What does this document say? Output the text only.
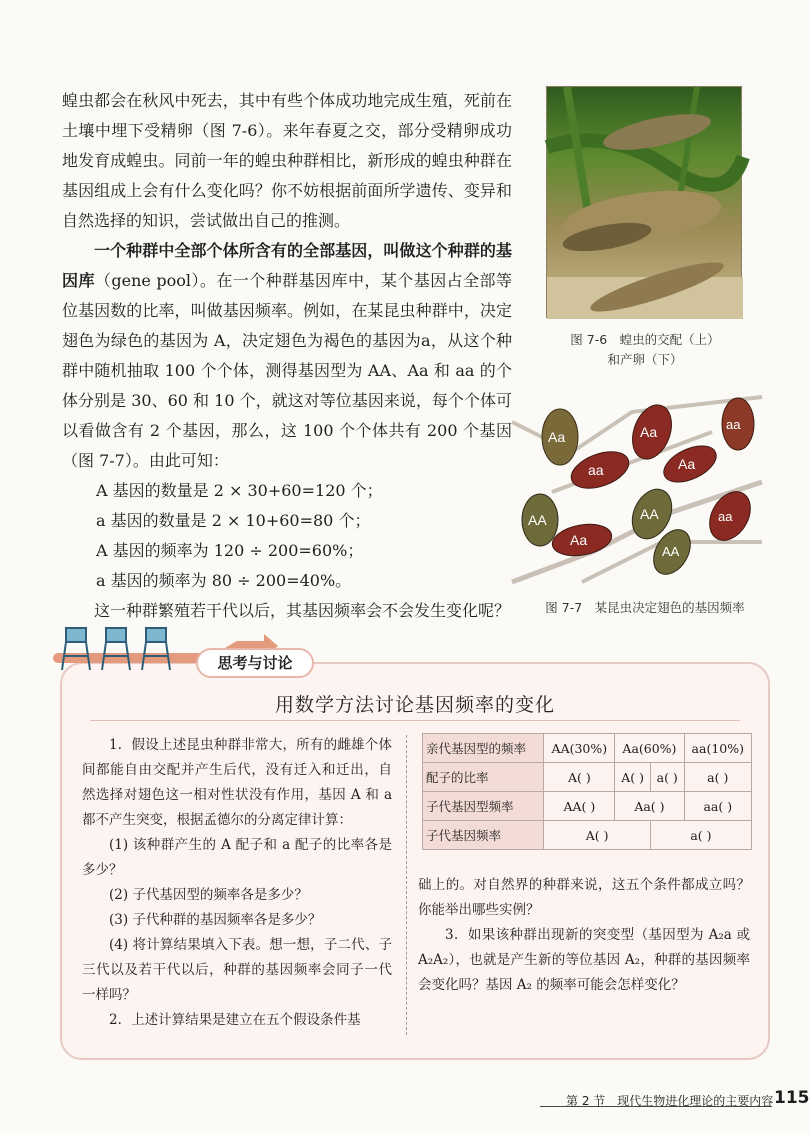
蝗虫都会在秋风中死去，其中有些个体成功地完成生殖，死前在土壤中埋下受精卵（图 7-6）。来年春夏之交，部分受精卵成功地发育成蝗虫。同前一年的蝗虫种群相比，新形成的蝗虫种群在基因组成上会有什么变化吗？你不妨根据前面所学遗传、变异和自然选择的知识，尝试做出自己的推测。

一个种群中全部个体所含有的全部基因，叫做这个种群的基因库（gene pool）。在一个种群基因库中，某个基因占全部等位基因数的比率，叫做基因频率。例如，在某昆虫种群中，决定翅色为绿色的基因为 A，决定翅色为褐色的基因为a，从这个种群中随机抽取 100 个个体，测得基因型为 AA、Aa 和 aa 的个体分别是 30、60 和 10 个，就这对等位基因来说，每个个体可以看做含有 2 个基因，那么，这 100 个个体共有 200 个基因（图 7-7）。由此可知：

A 基因的数量是 2 × 30+60=120 个；
a 基因的数量是 2 × 10+60=80 个；
A 基因的频率为 120 ÷ 200=60%；
a 基因的频率为 80 ÷ 200=40%。

这一种群繁殖若干代以后，其基因频率会不会发生变化呢？

图 7-6　蝗虫的交配（上）
和产卵（下）
Aa	Aa	aa
aa	Aa
AA	AA	aa
AA
Aa
图 7-7　某昆虫决定翅色的基因频率
思考与讨论
用数学方法讨论基因频率的变化

1．假设上述昆虫种群非常大，所有的雌雄个体间都能自由交配并产生后代，没有迁入和迁出，自然选择对翅色这一相对性状没有作用，基因 A 和 a 都不产生突变，根据孟德尔的分离定律计算：

(1) 该种群产生的 A 配子和 a 配子的比率各是多少？

(2) 子代基因型的频率各是多少？

(3) 子代种群的基因频率各是多少？

(4) 将计算结果填入下表。想一想，子二代、子三代以及若干代以后，种群的基因频率会同子一代一样吗？

2．上述计算结果是建立在五个假设条件基

亲代基因型的频率	AA(30%)	Aa(60%)		aa(10%)
配子的比率	A( )	A( )	a( )	a( )
子代基因型频率	AA( )	Aa( )		aa( )
子代基因频率	A( )		a( )	

础上的。对自然界的种群来说，这五个条件都成立吗？你能举出哪些实例？

3．如果该种群出现新的突变型（基因型为 A₂a 或 A₂A₂），也就是产生新的等位基因 A₂，种群的基因频率会变化吗？基因 A₂ 的频率可能会怎样变化？

第 2 节　现代生物进化理论的主要内容 115
